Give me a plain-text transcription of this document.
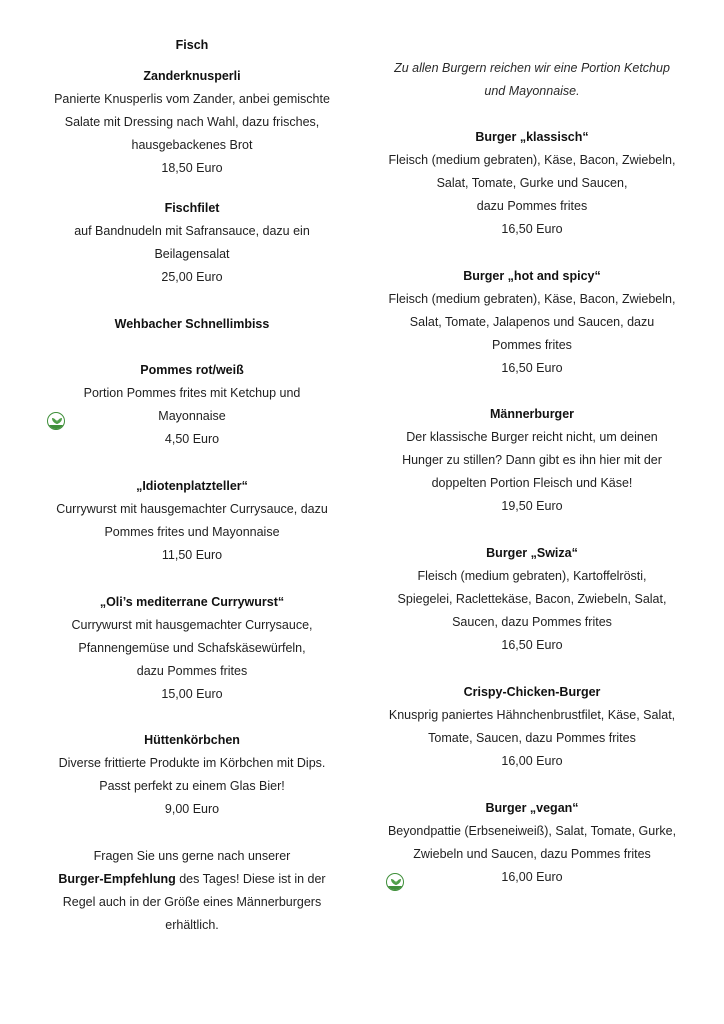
Fisch
Zanderknusperli
Panierte Knusperlis vom Zander, anbei gemischte
Salate mit Dressing nach Wahl, dazu frisches,
hausgebackenes Brot
18,50 Euro
Fischfilet
auf Bandnudeln mit Safransauce, dazu ein
Beilagensalat
25,00 Euro
Wehbacher Schnellimbiss
Pommes rot/weiß
Portion Pommes frites mit Ketchup und
Mayonnaise
4,50 Euro
„Idiotenplatzteller“
Currywurst mit hausgemachter Currysauce, dazu
Pommes frites und Mayonnaise
11,50 Euro
„Oli’s mediterrane Currywurst“
Currywurst mit hausgemachter Currysauce,
Pfannengemüse und Schafskäsewürfeln,
dazu Pommes frites
15,00 Euro
Hüttenkörbchen
Diverse frittierte Produkte im Körbchen mit Dips.
Passt perfekt zu einem Glas Bier!
9,00 Euro
Fragen Sie uns gerne nach unserer
Burger-Empfehlung des Tages! Diese ist in der
Regel auch in der Größe eines Männerburgers
erhältlich.
Zu allen Burgern reichen wir eine Portion Ketchup
und Mayonnaise.
Burger „klassisch“
Fleisch (medium gebraten), Käse, Bacon, Zwiebeln,
Salat, Tomate, Gurke und Saucen,
dazu Pommes frites
16,50 Euro
Burger „hot and spicy“
Fleisch (medium gebraten), Käse, Bacon, Zwiebeln,
Salat, Tomate, Jalapenos und Saucen, dazu
Pommes frites
16,50 Euro
Männerburger
Der klassische Burger reicht nicht, um deinen
Hunger zu stillen? Dann gibt es ihn hier mit der
doppelten Portion Fleisch und Käse!
19,50 Euro
Burger „Swiza“
Fleisch (medium gebraten), Kartoffelrösti,
Spiegelei, Raclettekäse, Bacon, Zwiebeln, Salat,
Saucen, dazu Pommes frites
16,50 Euro
Crispy-Chicken-Burger
Knusprig paniertes Hähnchenbrustfilet, Käse, Salat,
Tomate, Saucen, dazu Pommes frites
16,00 Euro
Burger „vegan“
Beyondpattie (Erbseneiweiß), Salat, Tomate, Gurke,
Zwiebeln und Saucen, dazu Pommes frites
16,00 Euro
